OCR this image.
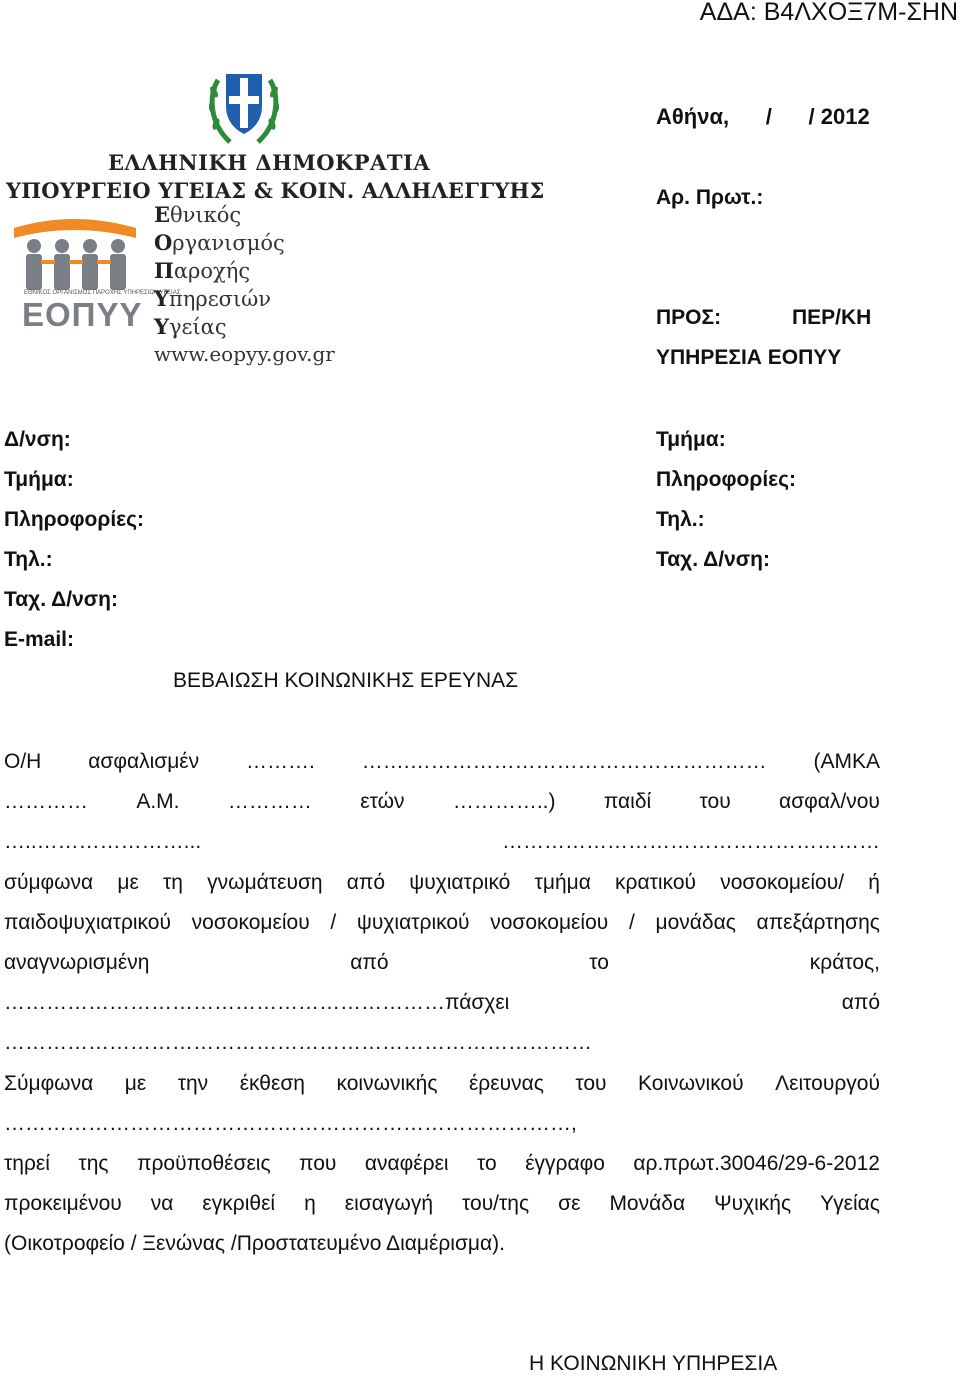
ΑΔΑ: Β4ΛΧΟΞ7Μ-ΣΗΝ
ΕΛΛΗΝΙΚΗ ΔΗΜΟΚΡΑΤΙΑ
ΥΠΟΥΡΓΕΙΟ ΥΓΕΙΑΣ & ΚΟΙΝ. ΑΛΛΗΛΕΓΓΥΗΣ
ΕΘΝΙΚΟΣ ΟΡΓΑΝΙΣΜΟΣ ΠΑΡΟΧΗΣ ΥΠΗΡΕΣΙΩΝ ΥΓΕΙΑΣ
ΕΟΠΥΥ
Εθνικός
Οργανισμός
Παροχής
Υπηρεσιών
Υγείας
www.eopyy.gov.gr
Αθήνα,      /      / 2012
Αρ. Πρωτ.:
ΠΡΟΣ:	ΠΕΡ/ΚΗ
ΥΠΗΡΕΣΙΑ ΕΟΠΥΥ
Τμήμα:
Πληροφορίες:
Τηλ.:
Ταχ. Δ/νση:
Δ/νση:
Τμήμα:
Πληροφορίες:
Τηλ.:
Ταχ. Δ/νση:
E-mail:
ΒΕΒΑΙΩΣΗ ΚΟΙΝΩΝΙΚΗΣ ΕΡΕΥΝΑΣ
Ο/Η ασφαλισμέν ………. …….…………………………………………… (ΑΜΚΑ
………… Α.Μ. ………… ετών …………..) παιδί του ασφαλ/νου
…..…………………...	………………………………………………
σύμφωνα με τη γνωμάτευση από ψυχιατρικό τμήμα κρατικού νοσοκομείου/ ή
παιδοψυχιατρικού νοσοκομείου / ψυχιατρικού νοσοκομείου / μονάδας απεξάρτησης
αναγνωρισμένη	από	το	κράτος,
………………………………………………………πάσχει	από
…………………………………………………………………………
Σύμφωνα με την έκθεση κοινωνικής έρευνας του Κοινωνικού Λειτουργού
………………………………………………………………………,
τηρεί της προϋποθέσεις που αναφέρει το έγγραφο αρ.πρωτ.30046/29-6-2012
προκειμένου να εγκριθεί η εισαγωγή του/της σε Μονάδα Ψυχικής Υγείας
(Οικοτροφείο / Ξενώνας /Προστατευμένο Διαμέρισμα).
Η ΚΟΙΝΩΝΙΚΗ ΥΠΗΡΕΣΙΑ
